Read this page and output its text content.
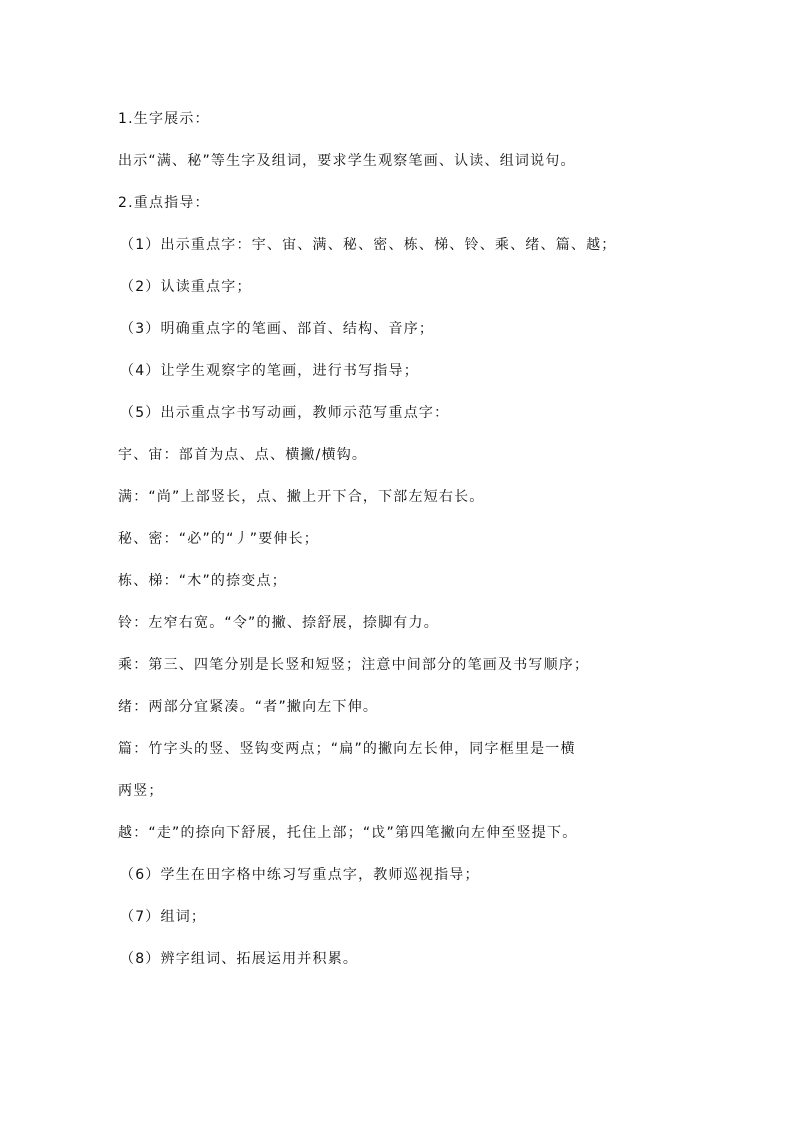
1.生字展示：
出示“满、秘”等生字及组词，要求学生观察笔画、认读、组词说句。
2.重点指导：
（1）出示重点字：宇、宙、满、秘、密、栋、梯、铃、乘、绪、篇、越；
（2）认读重点字；
（3）明确重点字的笔画、部首、结构、音序；
（4）让学生观察字的笔画，进行书写指导；
（5）出示重点字书写动画，教师示范写重点字：
宇、宙：部首为点、点、横撇/横钩。
满：“尚”上部竖长，点、撇上开下合，下部左短右长。
秘、密：“必”的“丿”要伸长；
栋、梯：“木”的捺变点；
铃：左窄右宽。“令”的撇、捺舒展，捺脚有力。
乘：第三、四笔分别是长竖和短竖；注意中间部分的笔画及书写顺序；
绪：两部分宜紧凑。“者”撇向左下伸。
篇：竹字头的竖、竖钩变两点；“扁”的撇向左长伸，同字框里是一横
两竖；
越：“走”的捺向下舒展，托住上部；“戉”第四笔撇向左伸至竖提下。
（6）学生在田字格中练习写重点字，教师巡视指导；
（7）组词；
（8）辨字组词、拓展运用并积累。
